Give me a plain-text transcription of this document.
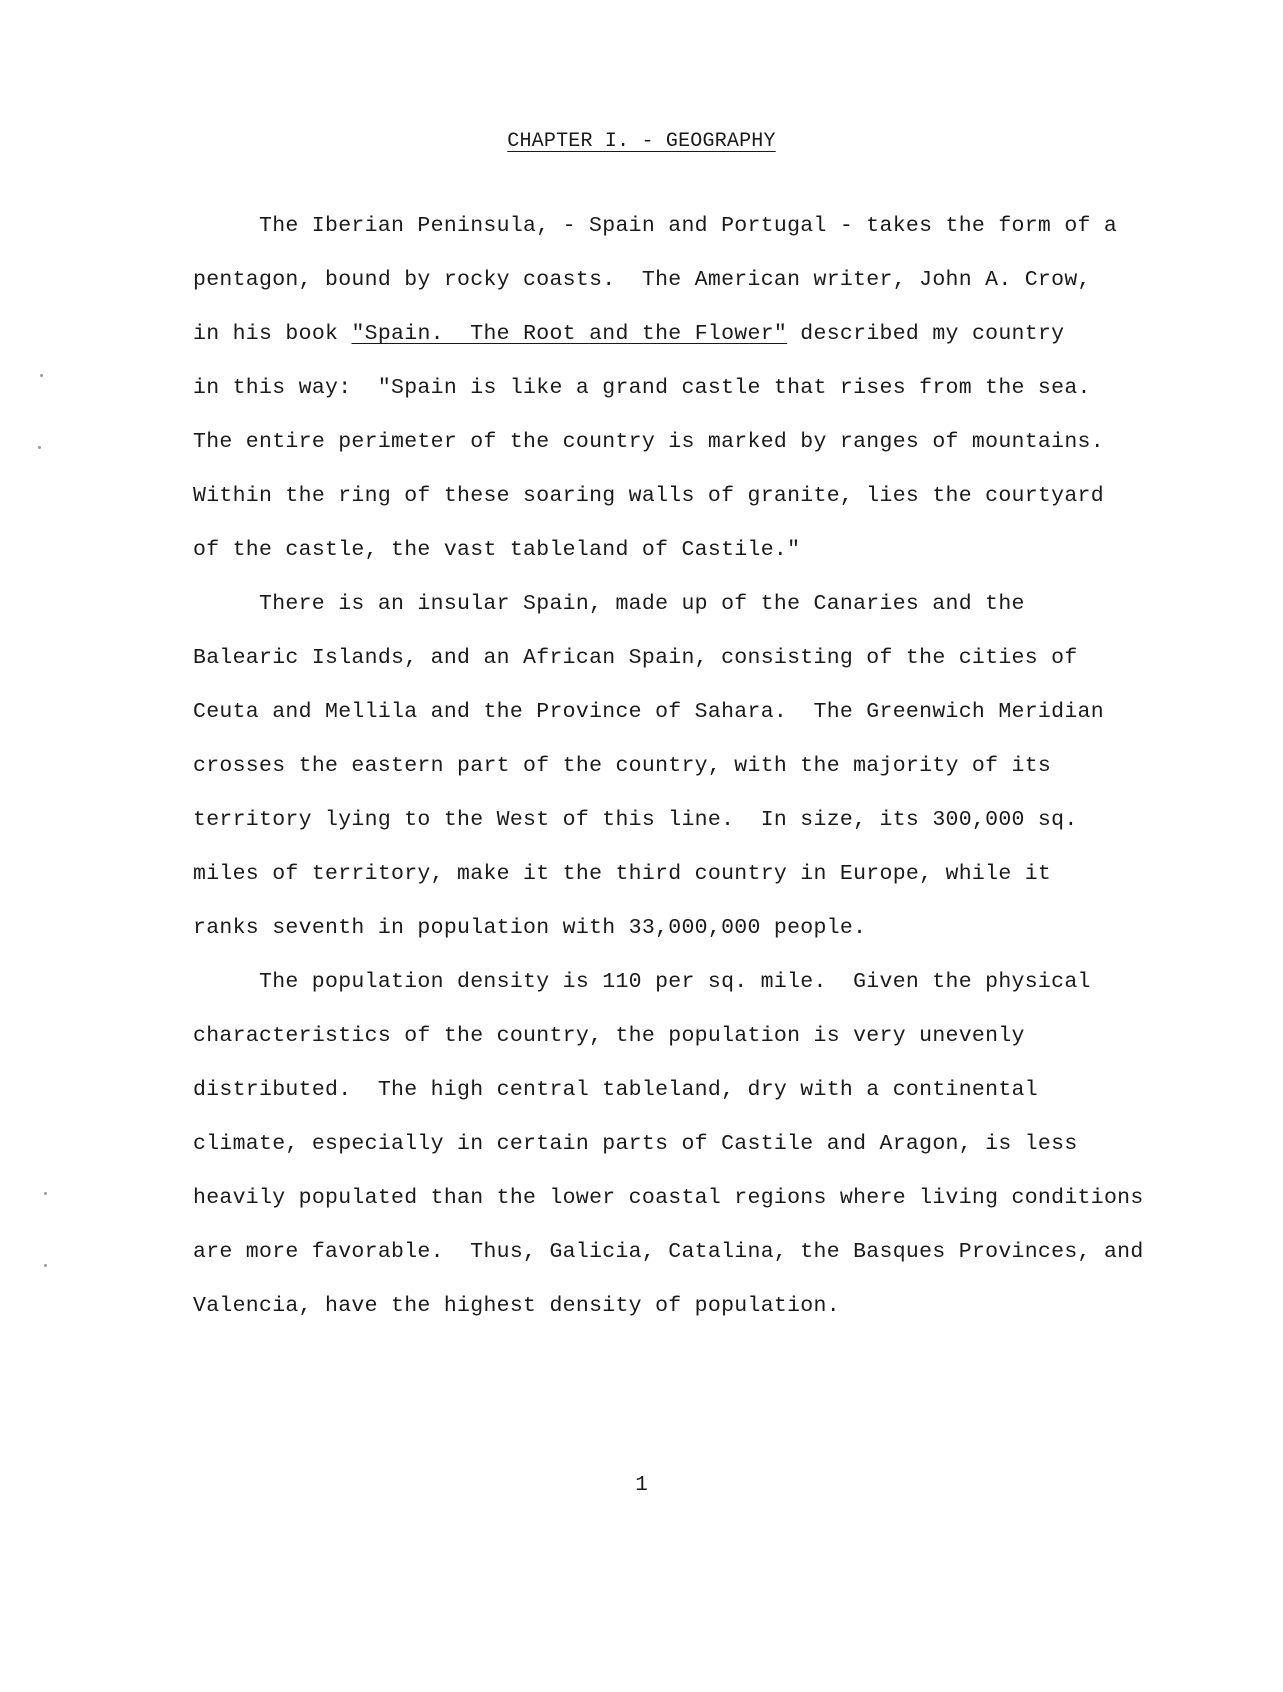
CHAPTER I. - GEOGRAPHY
The Iberian Peninsula, - Spain and Portugal - takes the form of a
pentagon, bound by rocky coasts.  The American writer, John A. Crow,
in his book "Spain.  The Root and the Flower" described my country
in this way:  "Spain is like a grand castle that rises from the sea.
The entire perimeter of the country is marked by ranges of mountains.
Within the ring of these soaring walls of granite, lies the courtyard
of the castle, the vast tableland of Castile."
There is an insular Spain, made up of the Canaries and the
Balearic Islands, and an African Spain, consisting of the cities of
Ceuta and Mellila and the Province of Sahara.  The Greenwich Meridian
crosses the eastern part of the country, with the majority of its
territory lying to the West of this line.  In size, its 300,000 sq.
miles of territory, make it the third country in Europe, while it
ranks seventh in population with 33,000,000 people.
The population density is 110 per sq. mile.  Given the physical
characteristics of the country, the population is very unevenly
distributed.  The high central tableland, dry with a continental
climate, especially in certain parts of Castile and Aragon, is less
heavily populated than the lower coastal regions where living conditions
are more favorable.  Thus, Galicia, Catalina, the Basques Provinces, and
Valencia, have the highest density of population.
1
